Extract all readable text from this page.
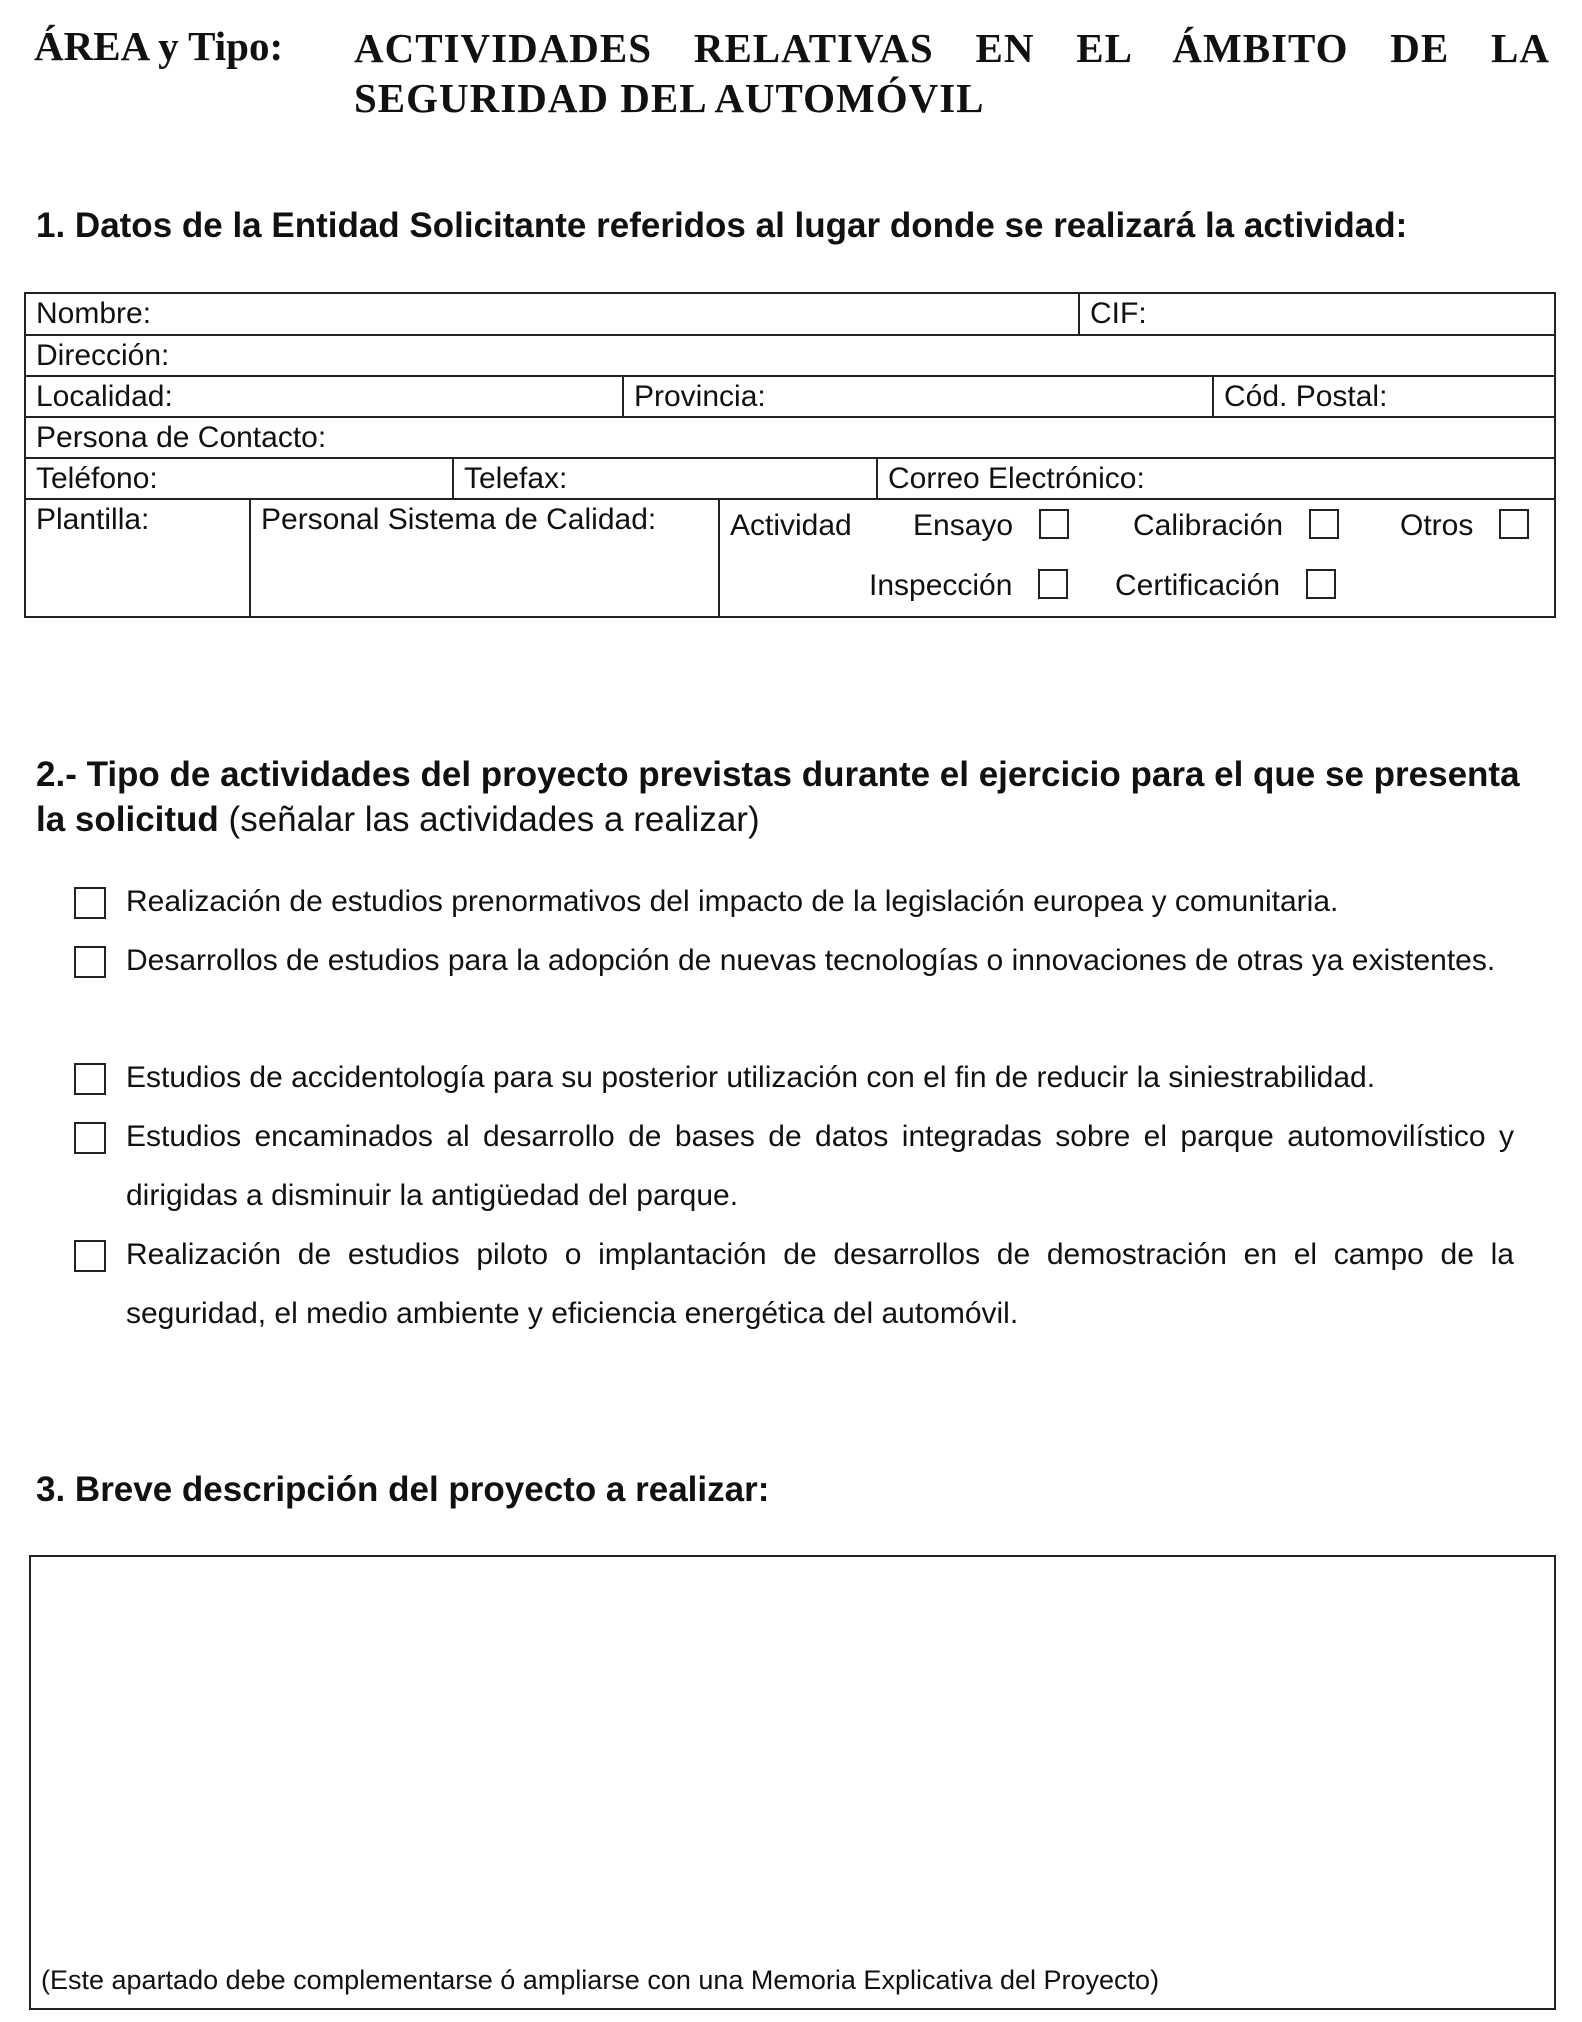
ÁREA y Tipo: ACTIVIDADES RELATIVAS EN EL ÁMBITO DE LA
SEGURIDAD DEL AUTOMÓVIL
1. Datos de la Entidad Solicitante referidos al lugar donde se realizará la actividad:
Nombre:	CIF:
Dirección:
Localidad:	Provincia:	Cód. Postal:
Persona de Contacto:
Teléfono:	Telefax:	Correo Electrónico:
Plantilla:	Personal Sistema de Calidad:	Actividad Ensayo	Calibración	Otros
Inspección	Certificación
2.- Tipo de actividades del proyecto previstas durante el ejercicio para el que se presenta la solicitud (señalar las actividades a realizar)
Realización de estudios prenormativos del impacto de la legislación europea y comunitaria.
Desarrollos de estudios para la adopción de nuevas tecnologías o innovaciones de otras ya existentes.
Estudios de accidentología para su posterior utilización con el fin de reducir la siniestrabilidad.
Estudios encaminados al desarrollo de bases de datos integradas sobre el parque automovilístico y dirigidas a disminuir la antigüedad del parque.
Realización de estudios piloto o implantación de desarrollos de demostración en el campo de la seguridad, el medio ambiente y eficiencia energética del automóvil.
3. Breve descripción del proyecto a realizar:
(Este apartado debe complementarse ó ampliarse con una Memoria Explicativa del Proyecto)
